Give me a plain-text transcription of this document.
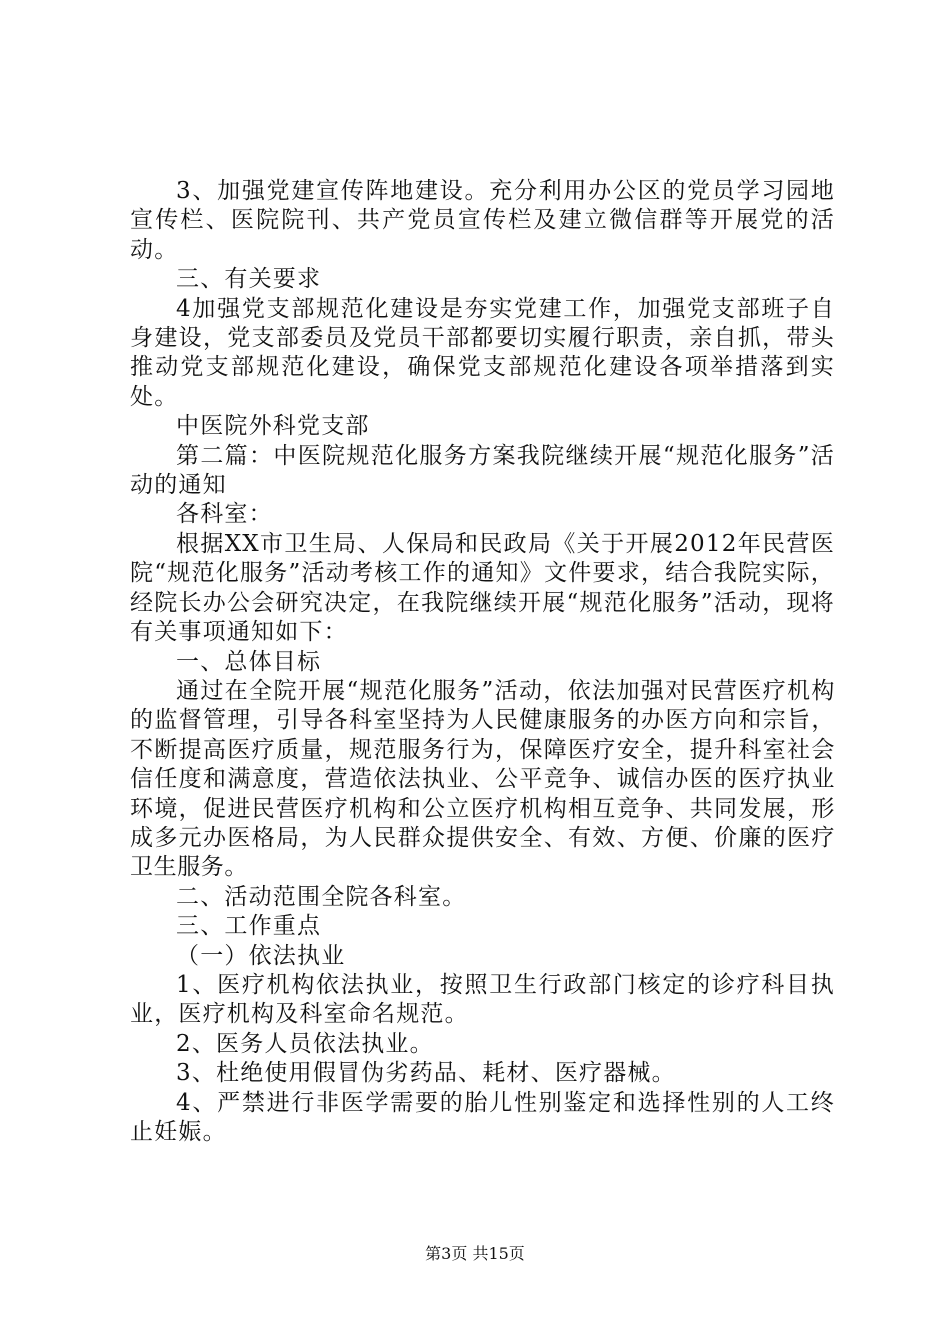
3、加强党建宣传阵地建设。充分利用办公区的党员学习园地宣传栏、医院院刊、共产党员宣传栏及建立微信群等开展党的活动。

三、有关要求

4加强党支部规范化建设是夯实党建工作，加强党支部班子自身建设，党支部委员及党员干部都要切实履行职责，亲自抓，带头推动党支部规范化建设，确保党支部规范化建设各项举措落到实处。

中医院外科党支部

第二篇：中医院规范化服务方案我院继续开展“规范化服务”活动的通知

各科室：

根据XX市卫生局、人保局和民政局《关于开展2012年民营医院“规范化服务”活动考核工作的通知》文件要求，结合我院实际，经院长办公会研究决定，在我院继续开展“规范化服务”活动，现将有关事项通知如下：

一、总体目标

通过在全院开展“规范化服务”活动，依法加强对民营医疗机构的监督管理，引导各科室坚持为人民健康服务的办医方向和宗旨，不断提高医疗质量，规范服务行为，保障医疗安全，提升科室社会信任度和满意度，营造依法执业、公平竞争、诚信办医的医疗执业环境，促进民营医疗机构和公立医疗机构相互竞争、共同发展，形成多元办医格局，为人民群众提供安全、有效、方便、价廉的医疗卫生服务。

二、活动范围全院各科室。

三、工作重点

（一）依法执业

1、医疗机构依法执业，按照卫生行政部门核定的诊疗科目执业，医疗机构及科室命名规范。

2、医务人员依法执业。

3、杜绝使用假冒伪劣药品、耗材、医疗器械。

4、严禁进行非医学需要的胎儿性别鉴定和选择性别的人工终止妊娠。

第3页 共15页
